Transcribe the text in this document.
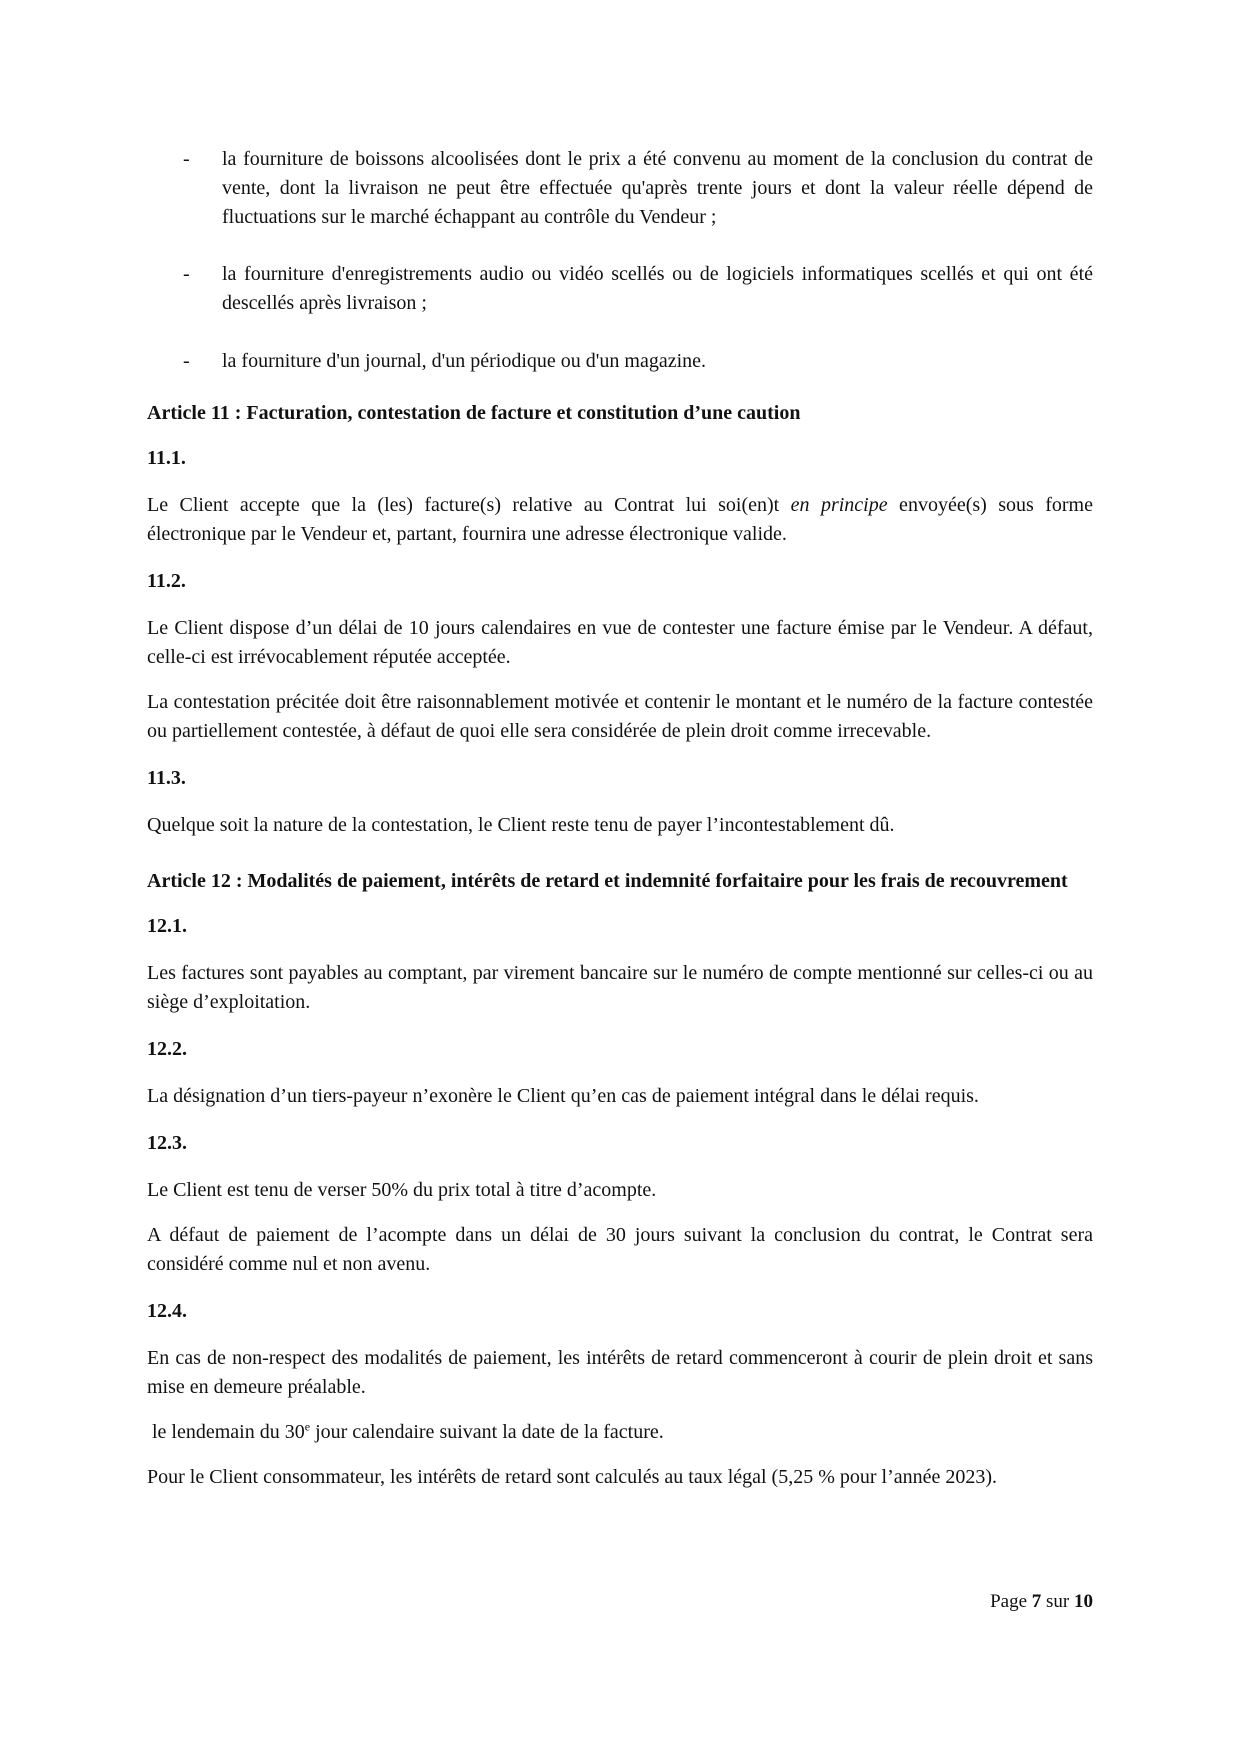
- la fourniture de boissons alcoolisées dont le prix a été convenu au moment de la conclusion du contrat de vente, dont la livraison ne peut être effectuée qu'après trente jours et dont la valeur réelle dépend de fluctuations sur le marché échappant au contrôle du Vendeur ;
- la fourniture d'enregistrements audio ou vidéo scellés ou de logiciels informatiques scellés et qui ont été descellés après livraison ;
- la fourniture d'un journal, d'un périodique ou d'un magazine.

Article 11 : Facturation, contestation de facture et constitution d’une caution

11.1.

Le Client accepte que la (les) facture(s) relative au Contrat lui soi(en)t en principe envoyée(s) sous forme électronique par le Vendeur et, partant, fournira une adresse électronique valide.

11.2.

Le Client dispose d’un délai de 10 jours calendaires en vue de contester une facture émise par le Vendeur. A défaut, celle-ci est irrévocablement réputée acceptée.

La contestation précitée doit être raisonnablement motivée et contenir le montant et le numéro de la facture contestée ou partiellement contestée, à défaut de quoi elle sera considérée de plein droit comme irrecevable.

11.3.

Quelque soit la nature de la contestation, le Client reste tenu de payer l’incontestablement dû.

Article 12 : Modalités de paiement, intérêts de retard et indemnité forfaitaire pour les frais de recouvrement

12.1.

Les factures sont payables au comptant, par virement bancaire sur le numéro de compte mentionné sur celles-ci ou au siège d’exploitation.

12.2.

La désignation d’un tiers-payeur n’exonère le Client qu’en cas de paiement intégral dans le délai requis.

12.3.

Le Client est tenu de verser 50% du prix total à titre d’acompte.

A défaut de paiement de l’acompte dans un délai de 30 jours suivant la conclusion du contrat, le Contrat sera considéré comme nul et non avenu.

12.4.

En cas de non-respect des modalités de paiement, les intérêts de retard commenceront à courir de plein droit et sans mise en demeure préalable.

le lendemain du 30e jour calendaire suivant la date de la facture.

Pour le Client consommateur, les intérêts de retard sont calculés au taux légal (5,25 % pour l’année 2023).

Page 7 sur 10
